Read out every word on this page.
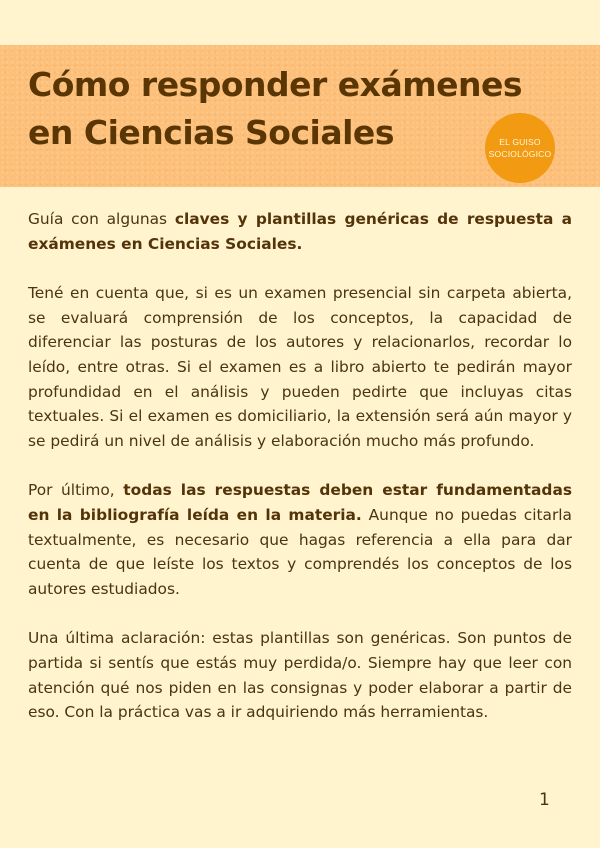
Cómo responder exámenes
en Ciencias Sociales	EL GUISO
SOCIOLÓGICO

Guía con algunas claves y plantillas genéricas de respuesta a exámenes en Ciencias Sociales.

Tené en cuenta que, si es un examen presencial sin carpeta abierta, se evaluará comprensión de los conceptos, la capacidad de diferenciar las posturas de los autores y relacionarlos, recordar lo leído, entre otras. Si el examen es a libro abierto te pedirán mayor profundidad en el análisis y pueden pedirte que incluyas citas textuales. Si el examen es domiciliario, la extensión será aún mayor y se pedirá un nivel de análisis y elaboración mucho más profundo.

Por último, todas las respuestas deben estar fundamentadas en la bibliografía leída en la materia. Aunque no puedas citarla textualmente, es necesario que hagas referencia a ella para dar cuenta de que leíste los textos y comprendés los conceptos de los autores estudiados.

Una última aclaración: estas plantillas son genéricas. Son puntos de partida si sentís que estás muy perdida/o. Siempre hay que leer con atención qué nos piden en las consignas y poder elaborar a partir de eso. Con la práctica vas a ir adquiriendo más herramientas.

1
